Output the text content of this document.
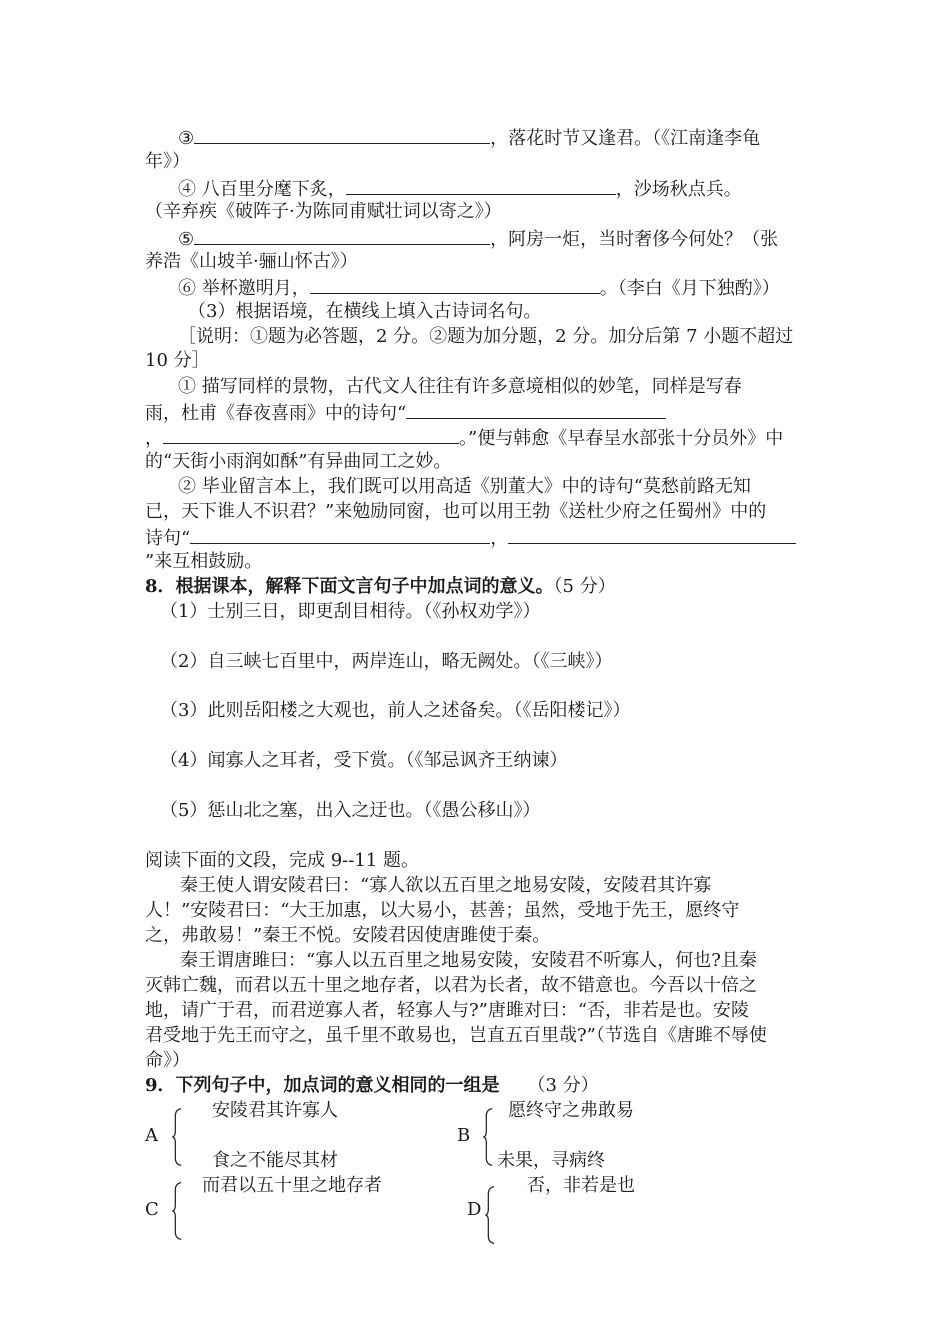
③	，落花时节又逢君。（《江南逢李龟
年》）
④ 八百里分麾下炙，	，沙场秋点兵。
（辛弃疾《破阵子·为陈同甫赋壮词以寄之》）
⑤	，阿房一炬，当时奢侈今何处？（张
养浩《山坡羊·骊山怀古》）
⑥ 举杯邀明月，	。（李白《月下独酌》）
（3）根据语境，在横线上填入古诗词名句。
［说明：①题为必答题，2 分。②题为加分题，2 分。加分后第 7 小题不超过
10 分］
① 描写同样的景物，古代文人往往有许多意境相似的妙笔，同样是写春
雨，杜甫《春夜喜雨》中的诗句“
，	。”便与韩愈《早春呈水部张十分员外》中
的“天街小雨润如酥”有异曲同工之妙。
② 毕业留言本上，我们既可以用高适《别董大》中的诗句“莫愁前路无知
已，天下谁人不识君？”来勉励同窗，也可以用王勃《送杜少府之任蜀州》中的
诗句“	，
”来互相鼓励。
8．根据课本，解释下面文言句子中加点词的意义。（5 分）
（1）士别三日，即更刮目相待。（《孙权劝学》）
（2）自三峡七百里中，两岸连山，略无阙处。（《三峡》）
（3）此则岳阳楼之大观也，前人之述备矣。（《岳阳楼记》）
（4）闻寡人之耳者，受下赏。（《邹忌讽齐王纳谏）
（5）惩山北之塞，出入之迂也。（《愚公移山》）
阅读下面的文段，完成 9--11 题。
秦王使人谓安陵君曰：“寡人欲以五百里之地易安陵，安陵君其许寡
人！”安陵君曰：“大王加惠，以大易小，甚善；虽然，受地于先王，愿终守
之，弗敢易！”秦王不悦。安陵君因使唐雎使于秦。
秦王谓唐雎曰：“寡人以五百里之地易安陵，安陵君不听寡人，何也?且秦
灭韩亡魏，而君以五十里之地存者，以君为长者，故不错意也。今吾以十倍之
地，请广于君，而君逆寡人者，轻寡人与?”唐雎对曰：“否，非若是也。安陵
君受地于先王而守之，虽千里不敢易也，岂直五百里哉?”（节选自《唐雎不辱使
命》）
9．下列句子中，加点词的意义相同的一组是 （3 分）
A
安陵君其许寡人
食之不能尽其材
B
愿终守之弗敢易
未果，寻病终
C
而君以五十里之地存者
D
否，非若是也
